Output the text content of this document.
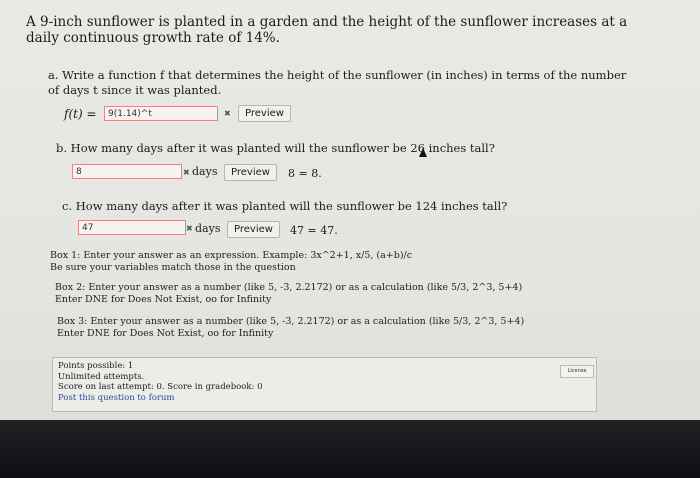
A 9-inch sunflower is planted in a garden and the height of the sunflower increases at a daily continuous growth rate of 14%.
a. Write a function f that determines the height of the sunflower (in inches) in terms of the number of days t since it was planted.
f(t) =	9(1.14)^t	✖	Preview
b. How many days after it was planted will the sunflower be 26 inches tall?
8	✖ days	Preview	8 = 8.
c. How many days after it was planted will the sunflower be 124 inches tall?
47	✖ days	Preview	47 = 47.
Box 1: Enter your answer as an expression. Example: 3x^2+1, x/5, (a+b)/c
Be sure your variables match those in the question
Box 2: Enter your answer as a number (like 5, -3, 2.2172) or as a calculation (like 5/3, 2^3, 5+4)
Enter DNE for Does Not Exist, oo for Infinity
Box 3: Enter your answer as a number (like 5, -3, 2.2172) or as a calculation (like 5/3, 2^3, 5+4)
Enter DNE for Does Not Exist, oo for Infinity
Points possible: 1
Unlimited attempts.
Score on last attempt: 0. Score in gradebook: 0
Post this question to forum
License
